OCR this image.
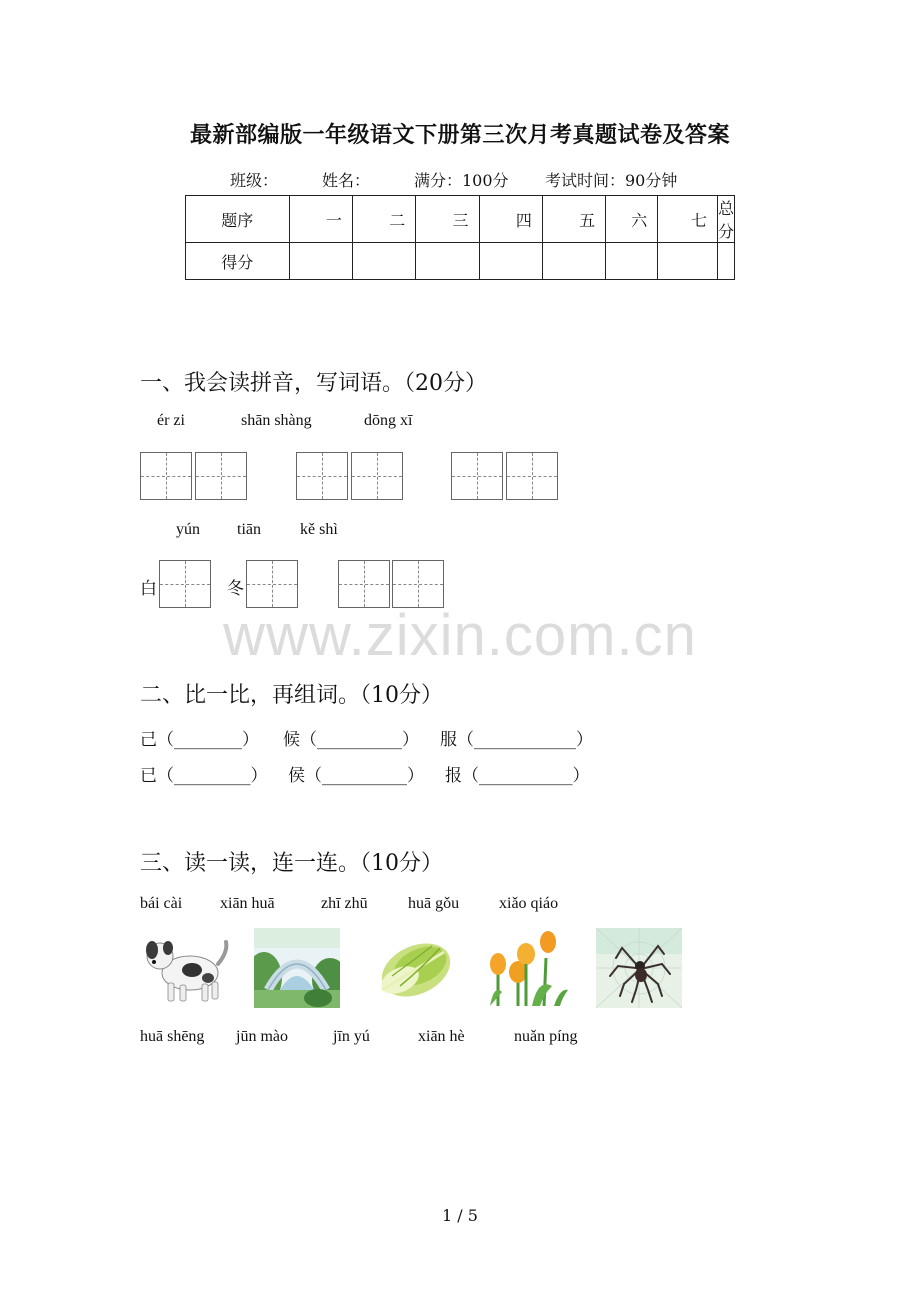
最新部编版一年级语文下册第三次月考真题试卷及答案
班级：	姓名：	满分：100分 考试时间：90分钟
题序	一	二	三	四	五	六	七	总分
得分								
一、我会读拼音，写词语。（20分）
ér zi	shān shàng	dōng xī
yún tiān kě shì
白	冬
www.zixin.com.cn
二、比一比，再组词。（10分）
己（________） 候（__________） 服（____________）
已（_________） 侯（__________） 报（___________）
三、读一读，连一连。（10分）
bái cài xiān huā	zhī zhū	huā gǒu xiǎo qiáo
huā shēng jūn mào	jīn yú	xiān hè	nuǎn píng
1 / 5
